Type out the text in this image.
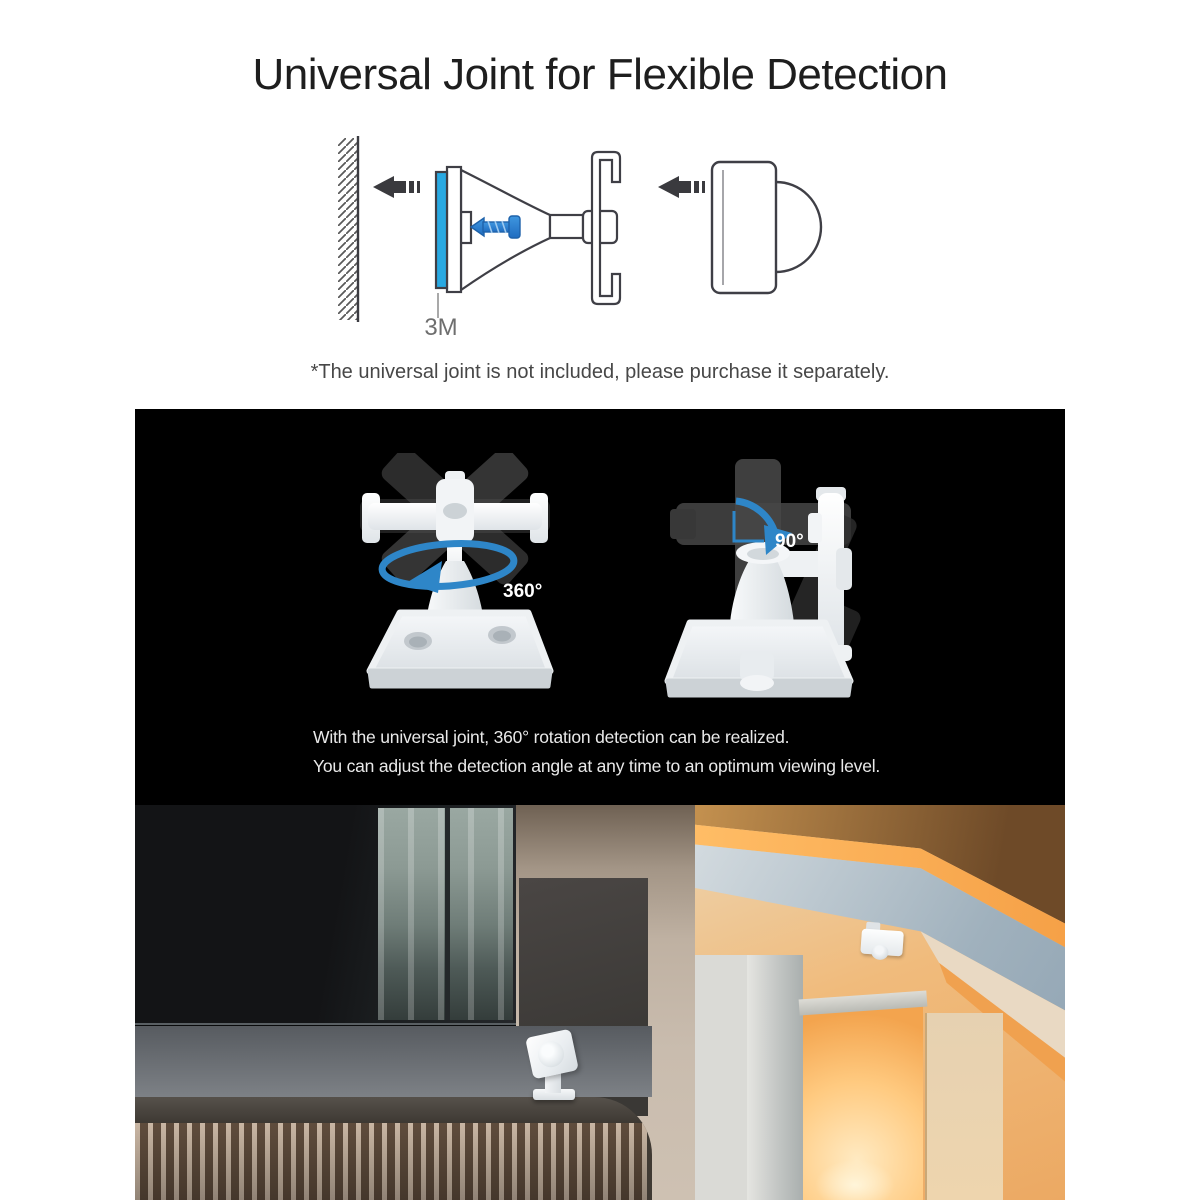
Universal Joint for Flexible Detection
3M
*The universal joint is not included, please purchase it separately.
360°
90°
With the universal joint, 360° rotation detection can be realized.
You can adjust the detection angle at any time to an optimum viewing level.
